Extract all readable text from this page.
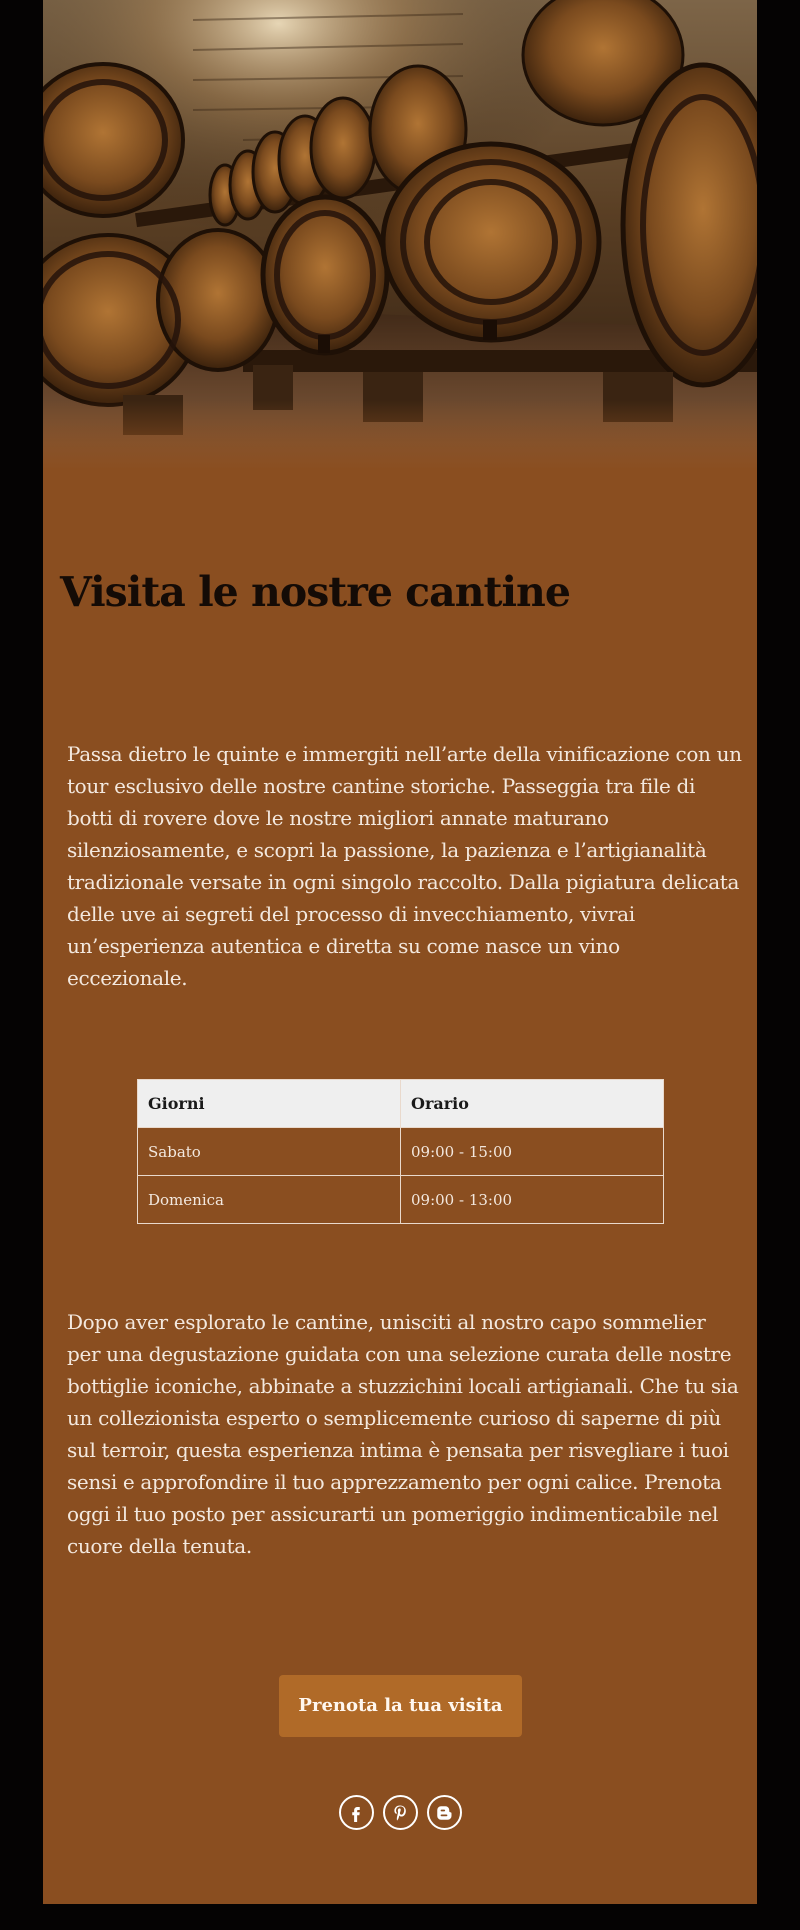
Visita le nostre cantine

Passa dietro le quinte e immergiti nell’arte della vinificazione con un tour esclusivo delle nostre cantine storiche. Passeggia tra file di botti di rovere dove le nostre migliori annate maturano silenziosamente, e scopri la passione, la pazienza e l’artigianalità tradizionale versate in ogni singolo raccolto. Dalla pigiatura delicata delle uve ai segreti del processo di invecchiamento, vivrai un’esperienza autentica e diretta su come nasce un vino eccezionale.

Giorni	Orario
Sabato	09:00 - 15:00
Domenica	09:00 - 13:00

Dopo aver esplorato le cantine, unisciti al nostro capo sommelier per una degustazione guidata con una selezione curata delle nostre bottiglie iconiche, abbinate a stuzzichini locali artigianali. Che tu sia un collezionista esperto o semplicemente curioso di saperne di più sul terroir, questa esperienza intima è pensata per risvegliare i tuoi sensi e approfondire il tuo apprezzamento per ogni calice. Prenota oggi il tuo posto per assicurarti un pomeriggio indimenticabile nel cuore della tenuta.

Prenota la tua visita
